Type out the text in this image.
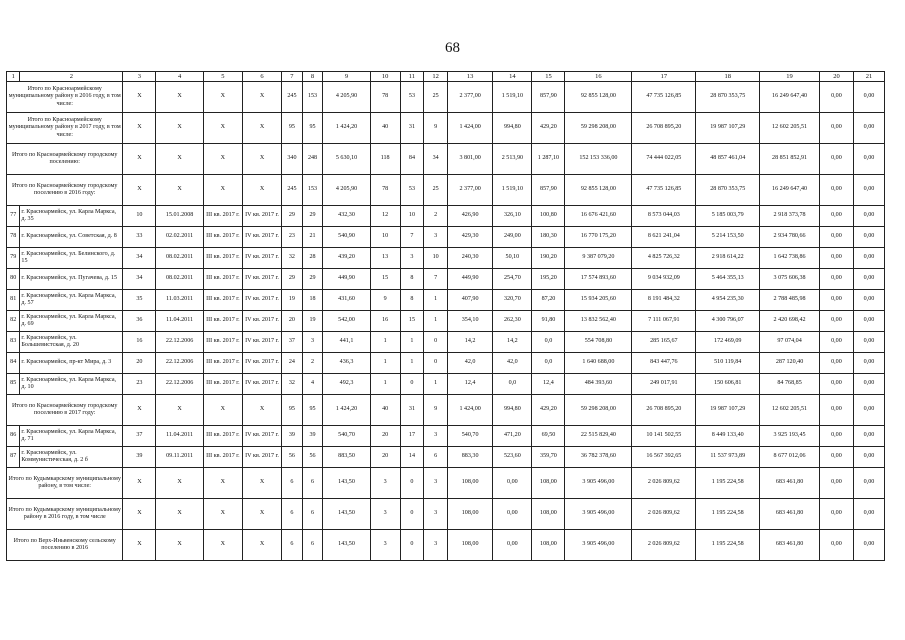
68
1	2	3	4	5	6	7	8	9	10	11	12	13	14	15	16	17	18	19	20	21
Итого по Красноармейскому муниципальному району в 2016 году, в том числе:		X	X	X	X	245	153	4 205,90	78	53	25	2 377,00	1 519,10	857,90	92 855 128,00	47 735 126,85	28 870 353,75	16 249 647,40	0,00	0,00
Итого по Красноармейскому муниципальному району в 2017 году, в том числе:		X	X	X	X	95	95	1 424,20	40	31	9	1 424,00	994,80	429,20	59 298 208,00	26 708 895,20	19 987 107,29	12 602 205,51	0,00	0,00
Итого по Красноармейскому городскому поселению:		X	X	X	X	340	248	5 630,10	118	84	34	3 801,00	2 513,90	1 287,10	152 153 336,00	74 444 022,05	48 857 461,04	28 851 852,91	0,00	0,00
Итого по Красноармейскому городскому поселению в 2016 году:		X	X	X	X	245	153	4 205,90	78	53	25	2 377,00	1 519,10	857,90	92 855 128,00	47 735 126,85	28 870 353,75	16 249 647,40	0,00	0,00
77	г. Красноармейск, ул. Карла Маркса, д. 35	10	15.01.2008	III кв. 2017 г.	IV кв. 2017 г.	29	29	432,30	12	10	2	426,90	326,10	100,80	16 676 421,60	8 573 044,03	5 185 003,79	2 918 373,78	0,00	0,00
78	г. Красноармейск, ул. Советская, д. 8	33	02.02.2011	III кв. 2017 г.	IV кв. 2017 г.	23	21	540,90	10	7	3	429,30	249,00	180,30	16 770 175,20	8 621 241,04	5 214 153,50	2 934 780,66	0,00	0,00
79	г. Красноармейск, ул. Белинского, д. 15	34	08.02.2011	III кв. 2017 г.	IV кв. 2017 г.	32	28	439,20	13	3	10	240,30	50,10	190,20	9 387 079,20	4 825 726,32	2 918 614,22	1 642 738,86	0,00	0,00
80	г. Красноармейск, ул. Пугачева, д. 15	34	08.02.2011	III кв. 2017 г.	IV кв. 2017 г.	29	29	449,90	15	8	7	449,90	254,70	195,20	17 574 893,60	9 034 932,09	5 464 355,13	3 075 606,38	0,00	0,00
81	г. Красноармейск, ул. Карла Маркса, д. 57	35	11.03.2011	III кв. 2017 г.	IV кв. 2017 г.	19	18	431,60	9	8	1	407,90	320,70	87,20	15 934 205,60	8 191 484,32	4 954 235,30	2 788 485,98	0,00	0,00
82	г. Красноармейск, ул. Карла Маркса, д. 69	36	11.04.2011	III кв. 2017 г.	IV кв. 2017 г.	20	19	542,00	16	15	1	354,10	262,30	91,80	13 832 562,40	7 111 067,91	4 300 796,07	2 420 698,42	0,00	0,00
83	г. Красноармейск, ул. Большевистская, д. 20	16	22.12.2006	III кв. 2017 г.	IV кв. 2017 г.	37	3	441,1	1	1	0	14,2	14,2	0,0	554 708,80	285 165,67	172 469,09	97 074,04	0,00	0,00
84	г. Красноармейск, пр-кт Мира, д. 3	20	22.12.2006	III кв. 2017 г.	IV кв. 2017 г.	24	2	436,3	1	1	0	42,0	42,0	0,0	1 640 688,00	843 447,76	510 119,84	287 120,40	0,00	0,00
85	г. Красноармейск, ул. Карла Маркса, д. 10	23	22.12.2006	III кв. 2017 г.	IV кв. 2017 г.	32	4	492,3	1	0	1	12,4	0,0	12,4	484 393,60	249 017,91	150 606,81	84 768,85	0,00	0,00
Итого по Красноармейскому городскому поселению в 2017 году:		X	X	X	X	95	95	1 424,20	40	31	9	1 424,00	994,80	429,20	59 298 208,00	26 708 895,20	19 987 107,29	12 602 205,51	0,00	0,00
86	г. Красноармейск, ул. Карла Маркса, д. 71	37	11.04.2011	III кв. 2017 г.	IV кв. 2017 г.	39	39	540,70	20	17	3	540,70	471,20	69,50	22 515 829,40	10 141 502,55	8 449 133,40	3 925 193,45	0,00	0,00
87	г. Красноармейск, ул. Коммунистическая, д. 2 б	39	09.11.2011	III кв. 2017 г.	IV кв. 2017 г.	56	56	883,50	20	14	6	883,30	523,60	359,70	36 782 378,60	16 567 392,65	11 537 973,89	8 677 012,06	0,00	0,00
Итого по Кудымкарскому муниципальному району, в том числе:		X	X	X	X	6	6	143,50	3	0	3	108,00	0,00	108,00	3 905 496,00	2 026 809,62	1 195 224,58	683 461,80	0,00	0,00
Итого по Кудымкарскому муниципальному району в 2016 году, в том числе		X	X	X	X	6	6	143,50	3	0	3	108,00	0,00	108,00	3 905 496,00	2 026 809,62	1 195 224,58	683 461,80	0,00	0,00
Итого по Верх-Иньвенскому сельскому поселению в 2016		X	X	X	X	6	6	143,50	3	0	3	108,00	0,00	108,00	3 905 496,00	2 026 809,62	1 195 224,58	683 461,80	0,00	0,00
